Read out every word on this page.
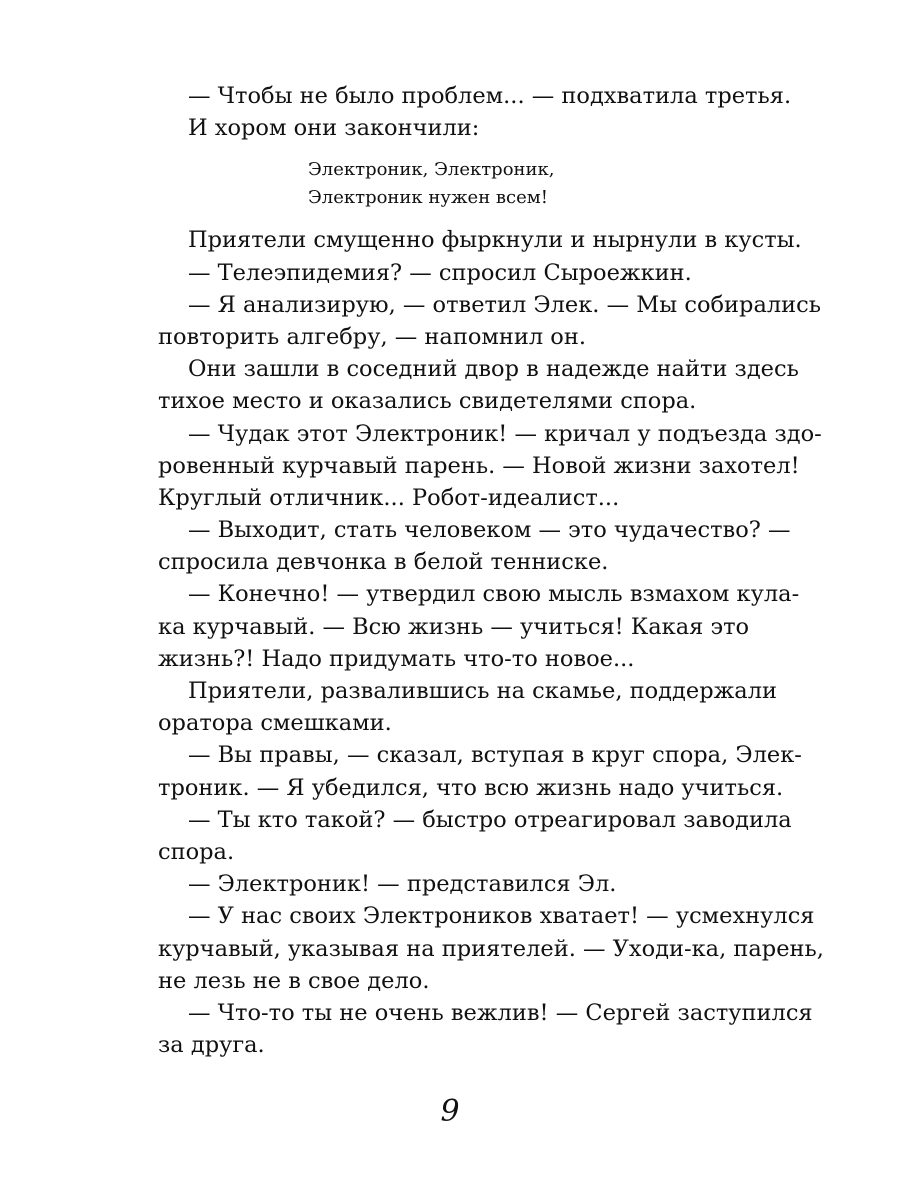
— Чтобы не было проблем... — подхватила третья.
И хором они закончили:
Электроник, Электроник,
Электроник нужен всем!
Приятели смущенно фыркнули и нырнули в кусты.
— Телеэпидемия? — спросил Сыроежкин.
— Я анализирую, — ответил Элек. — Мы собирались
повторить алгебру, — напомнил он.
Они зашли в соседний двор в надежде найти здесь
тихое место и оказались свидетелями спора.
— Чудак этот Электроник! — кричал у подъезда здо-
ровенный курчавый парень. — Новой жизни захотел!
Круглый отличник... Робот-идеалист...
— Выходит, стать человеком — это чудачество? —
спросила девчонка в белой тенниске.
— Конечно! — утвердил свою мысль взмахом кула-
ка курчавый. — Всю жизнь — учиться! Какая это
жизнь?! Надо придумать что-то новое...
Приятели, развалившись на скамье, поддержали
оратора смешками.
— Вы правы, — сказал, вступая в круг спора, Элек-
троник. — Я убедился, что всю жизнь надо учиться.
— Ты кто такой? — быстро отреагировал заводила
спора.
— Электроник! — представился Эл.
— У нас своих Электроников хватает! — усмехнулся
курчавый, указывая на приятелей. — Уходи-ка, парень,
не лезь не в свое дело.
— Что-то ты не очень вежлив! — Сергей заступился
за друга.
9
